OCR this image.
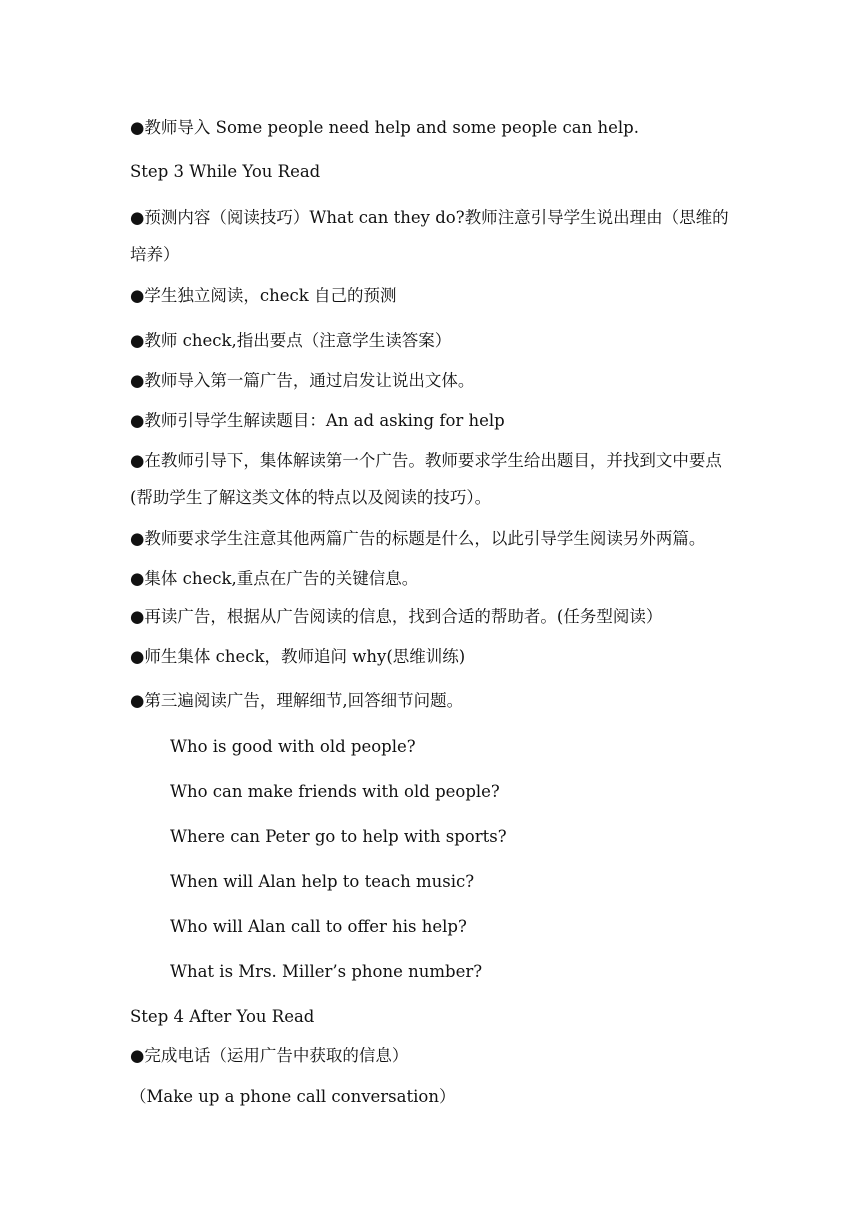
●教师导入 Some people need help and some people can help.
Step 3 While You Read
●预测内容（阅读技巧）What can they do?教师注意引导学生说出理由（思维的培养）
●学生独立阅读，check 自己的预测
●教师 check,指出要点（注意学生读答案）
●教师导入第一篇广告，通过启发让说出文体。
●教师引导学生解读题目：An ad asking for help
●在教师引导下，集体解读第一个广告。教师要求学生给出题目，并找到文中要点(帮助学生了解这类文体的特点以及阅读的技巧）。
●教师要求学生注意其他两篇广告的标题是什么，以此引导学生阅读另外两篇。
●集体 check,重点在广告的关键信息。
●再读广告，根据从广告阅读的信息，找到合适的帮助者。(任务型阅读）
●师生集体 check，教师追问 why(思维训练)
●第三遍阅读广告，理解细节,回答细节问题。
Who is good with old people?
Who can make friends with old people?
Where can Peter go to help with sports?
When will Alan help to teach music?
Who will Alan call to offer his help?
What is Mrs. Miller’s phone number?
Step 4 After You Read
●完成电话（运用广告中获取的信息）
（Make up a phone call conversation）
